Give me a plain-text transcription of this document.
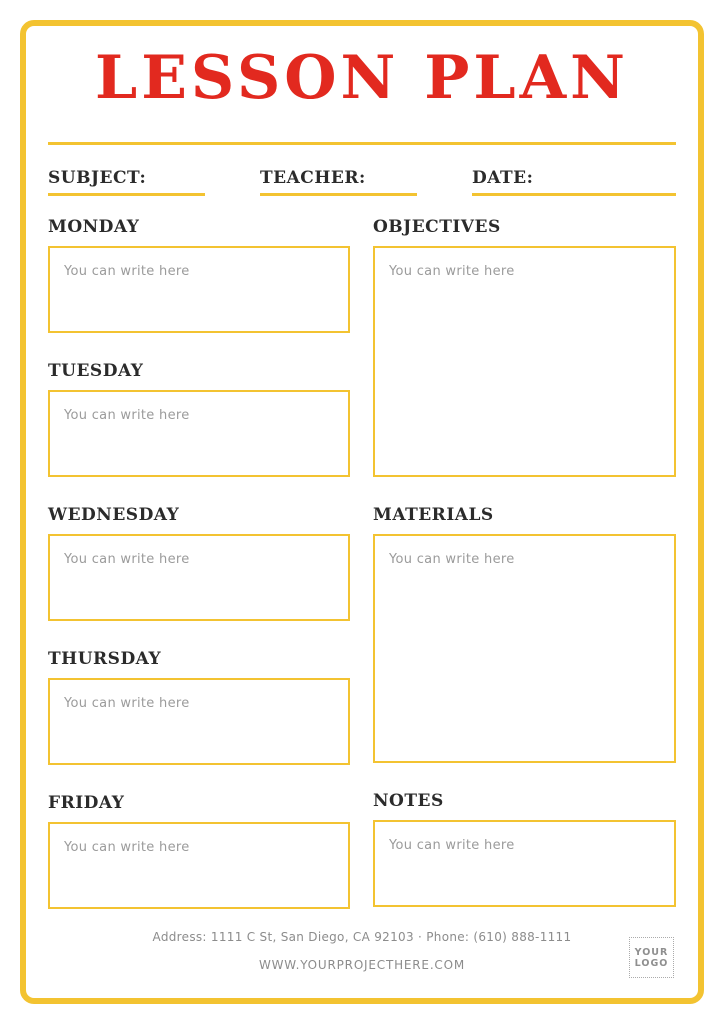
LESSON PLAN
SUBJECT:	TEACHER:	DATE:
MONDAY
You can write here
TUESDAY
You can write here
WEDNESDAY
You can write here
THURSDAY
You can write here
FRIDAY
You can write here
OBJECTIVES
You can write here
MATERIALS
You can write here
NOTES
You can write here
Address: 1111 C St, San Diego, CA 92103 · Phone: (610) 888-1111
WWW.YOURPROJECTHERE.COM
YOUR
LOGO
